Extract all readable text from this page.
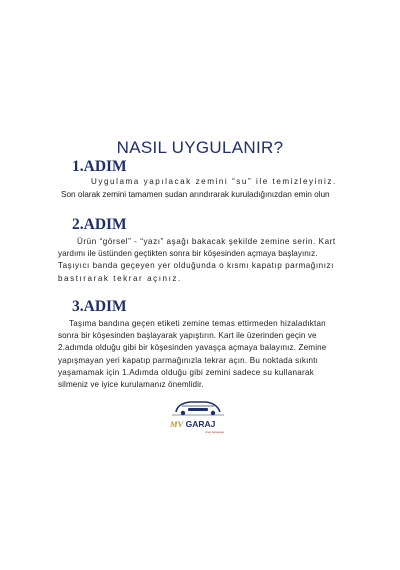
NASIL UYGULANIR?
1.ADIM
Uygulama yapılacak zemini “su” ile temizleyiniz.
Son olarak zemini tamamen sudan arındırarak kuruladığınızdan emin olun
2.ADIM
Ürün “görsel” - “yazı” aşağı bakacak şekilde zemine serin. Kart
yardımı ile üstünden geçtikten sonra bir köşesinden açmaya başlayınız.
Taşıyıcı banda geçeyen yer olduğunda o kısmı kapatıp parmağınızı
bastırarak tekrar açınız.
3.ADIM
Taşıma bandına geçen etiketi zemine temas ettirmeden hizaladıktan
sonra bir köşesinden başlayarak yapıştırın. Kart ile üzerinden geçin ve
2.adımda olduğu gibi bir köşesinden yavaşça açmaya balayınız. Zemine
yapışmayan yeri kapatıp parmağınızla tekrar açın. Bu noktada sıkıntı
yaşamamak için 1.Adımda olduğu gibi zemini sadece su kullanarak
silmeniz ve iyice kurulamanız önemlidir.
MV GARAJ
Araç Aksesuar
